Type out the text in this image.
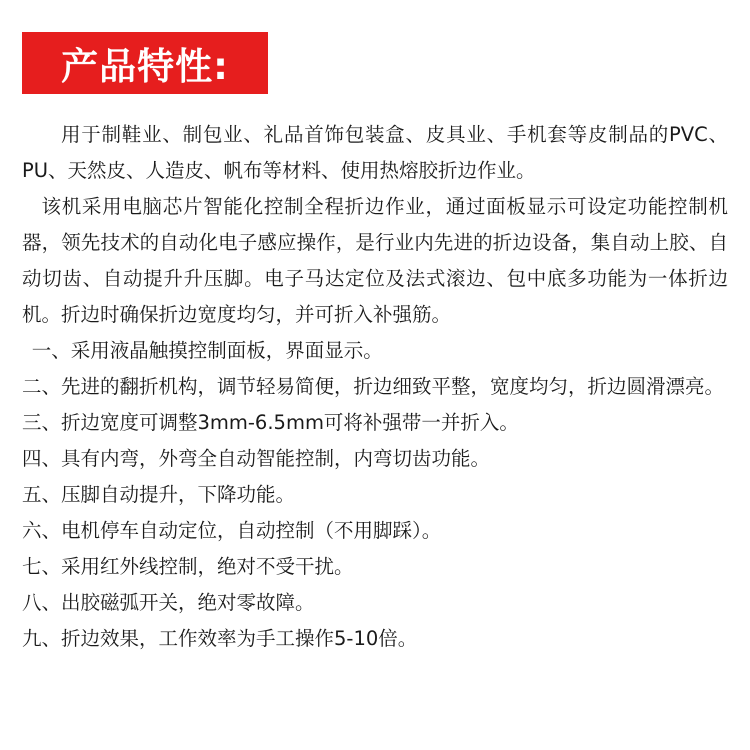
产品特性:

用于制鞋业、制包业、礼品首饰包装盒、皮具业、手机套等皮制品的PVC、PU、天然皮、人造皮、帆布等材料、使用热熔胶折边作业。

该机采用电脑芯片智能化控制全程折边作业，通过面板显示可设定功能控制机器，领先技术的自动化电子感应操作，是行业内先进的折边设备，集自动上胶、自动切齿、自动提升升压脚。电子马达定位及法式滚边、包中底多功能为一体折边机。折边时确保折边宽度均匀，并可折入补强筋。

一、采用液晶触摸控制面板，界面显示。
二、先进的翻折机构，调节轻易简便，折边细致平整，宽度均匀，折边圆滑漂亮。
三、折边宽度可调整3mm-6.5mm可将补强带一并折入。
四、具有内弯，外弯全自动智能控制，内弯切齿功能。
五、压脚自动提升，下降功能。
六、电机停车自动定位，自动控制（不用脚踩）。
七、采用红外线控制，绝对不受干扰。
八、出胶磁弧开关，绝对零故障。
九、折边效果，工作效率为手工操作5-10倍。
